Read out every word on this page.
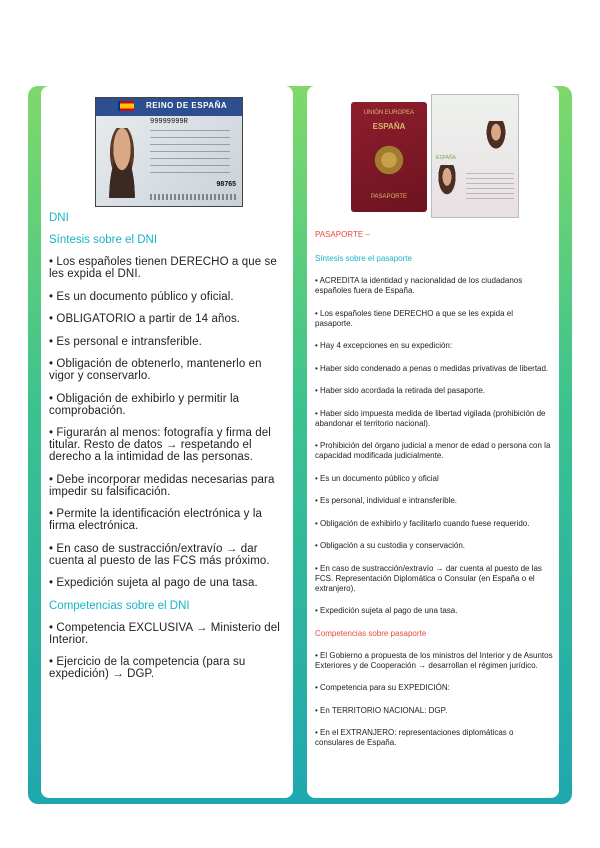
REINO DE ESPAÑA
99999999R
98765
DNI
Síntesis sobre el DNI
• Los españoles tienen DERECHO a que se les expida el DNI.
• Es un documento público y oficial.
• OBLIGATORIO a partir de 14 años.
• Es personal e intransferible.
• Obligación de obtenerlo, mantenerlo en vigor y conservarlo.
• Obligación de exhibirlo y permitir la comprobación.
• Figurarán al menos: fotografía y firma del titular. Resto de datos → respetando el derecho a la intimidad de las personas.
• Debe incorporar medidas necesarias para impedir su falsificación.
• Permite la identificación electrónica y la firma electrónica.
• En caso de sustracción/extravío → dar cuenta al puesto de las FCS más próximo.
• Expedición sujeta al pago de una tasa.
Competencias sobre el DNI
• Competencia EXCLUSIVA → Ministerio del Interior.
• Ejercicio de la competencia (para su expedición) → DGP.
UNIÓN EUROPEA
ESPAÑA
PASAPORTE
ESPAÑA
PASAPORTE –
Síntesis sobre el pasaporte
• ACREDITA la identidad y nacionalidad de los ciudadanos españoles fuera de España.
• Los españoles tiene DERECHO a que se les expida el pasaporte.
• Hay 4 excepciones en su expedición:
• Haber sido condenado a penas o medidas privativas de libertad.
• Haber sido acordada la retirada del pasaporte.
• Haber sido impuesta medida de libertad vigilada (prohibición de abandonar el territorio nacional).
• Prohibición del órgano judicial a menor de edad o persona con la capacidad modificada judicialmente.
• Es un documento público y oficial
• Es personal, individual e intransferible.
• Obligación de exhibirlo y facilitarlo cuando fuese requerido.
• Obligación a su custodia y conservación.
• En caso de sustracción/extravío → dar cuenta al puesto de las FCS. Representación Diplomática o Consular (en España o el extranjero).
• Expedición sujeta al pago de una tasa.
Competencias sobre pasaporte
• El Gobierno a propuesta de los ministros del Interior y de Asuntos Exteriores y de Cooperación → desarrollan el régimen jurídico.
• Competencia para su EXPEDICIÓN:
• En TERRITORIO NACIONAL: DGP.
• En el EXTRANJERO: representaciones diplomáticas o consulares de España.
